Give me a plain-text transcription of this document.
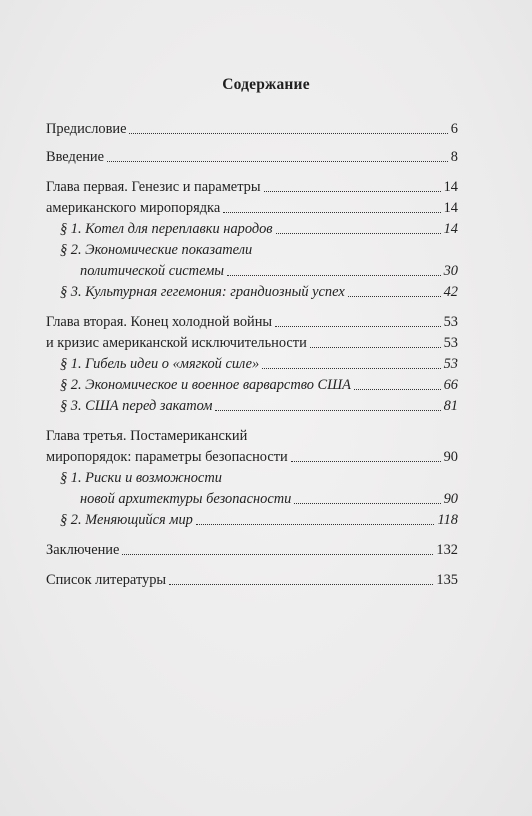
Содержание
Предисловие	6
Введение	8
Глава первая. Генезис и параметры	14
американского миропорядка	14
§ 1. Котел для переплавки народов	14
§ 2. Экономические показатели
политической системы	30
§ 3. Культурная гегемония: грандиозный успех	42
Глава вторая. Конец холодной войны	53
и кризис американской исключительности	53
§ 1. Гибель идеи о «мягкой силе»	53
§ 2. Экономическое и военное варварство США	66
§ 3. США перед закатом	81
Глава третья. Постамериканский
миропорядок: параметры безопасности	90
§ 1. Риски и возможности
новой архитектуры безопасности	90
§ 2. Меняющийся мир	118
Заключение	132
Список литературы	135
